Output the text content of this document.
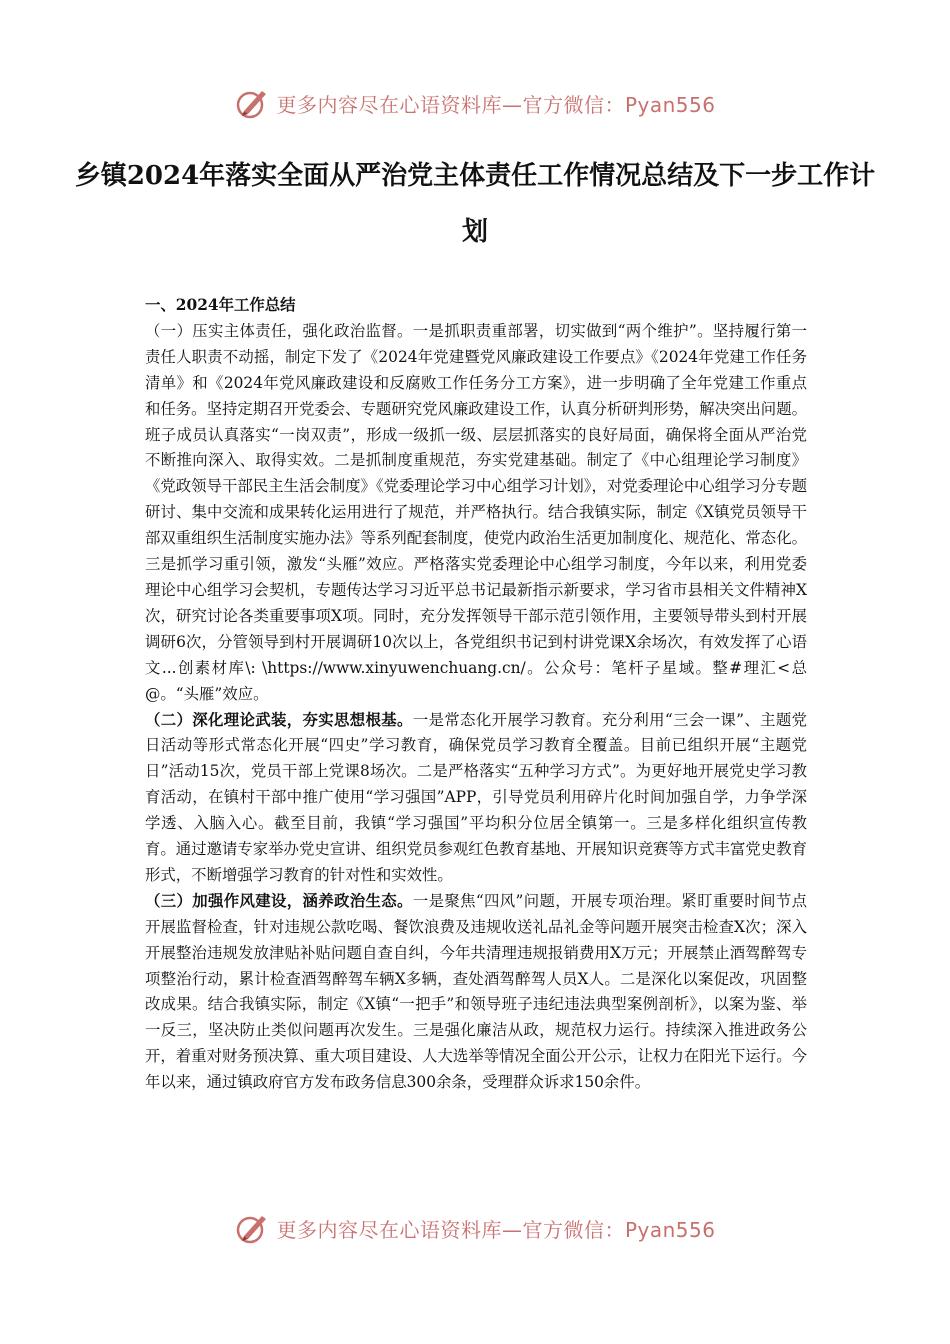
更多内容尽在心语资料库—官方微信：Pyan556
乡镇2024年落实全面从严治党主体责任工作情况总结及下一步工作计划

一、2024年工作总结

（一）压实主体责任，强化政治监督。一是抓职责重部署，切实做到“两个维护”。坚持履行第一责任人职责不动摇，制定下发了《2024年党建暨党风廉政建设工作要点》《2024年党建工作任务清单》和《2024年党风廉政建设和反腐败工作任务分工方案》，进一步明确了全年党建工作重点和任务。坚持定期召开党委会、专题研究党风廉政建设工作，认真分析研判形势，解决突出问题。班子成员认真落实“一岗双责”，形成一级抓一级、层层抓落实的良好局面，确保将全面从严治党不断推向深入、取得实效。二是抓制度重规范，夯实党建基础。制定了《中心组理论学习制度》《党政领导干部民主生活会制度》《党委理论学习中心组学习计划》，对党委理论中心组学习分专题研讨、集中交流和成果转化运用进行了规范，并严格执行。结合我镇实际，制定《X镇党员领导干部双重组织生活制度实施办法》等系列配套制度，使党内政治生活更加制度化、规范化、常态化。三是抓学习重引领，激发“头雁”效应。严格落实党委理论中心组学习制度，今年以来，利用党委理论中心组学习会契机，专题传达学习习近平总书记最新指示新要求，学习省市县相关文件精神X次，研究讨论各类重要事项X项。同时，充分发挥领导干部示范引领作用，主要领导带头到村开展调研6次，分管领导到村开展调研10次以上，各党组织书记到村讲党课X余场次，有效发挥了心语文...创素材库\: \https://www.xinyuwenchuang.cn/。公众号：笔杆子星域。整#理汇<总@。“头雁”效应。

（二）深化理论武装，夯实思想根基。一是常态化开展学习教育。充分利用“三会一课”、主题党日活动等形式常态化开展“四史”学习教育，确保党员学习教育全覆盖。目前已组织开展“主题党日”活动15次，党员干部上党课8场次。二是严格落实“五种学习方式”。为更好地开展党史学习教育活动，在镇村干部中推广使用“学习强国”APP，引导党员利用碎片化时间加强自学，力争学深学透、入脑入心。截至目前，我镇“学习强国”平均积分位居全镇第一。三是多样化组织宣传教育。通过邀请专家举办党史宣讲、组织党员参观红色教育基地、开展知识竞赛等方式丰富党史教育形式，不断增强学习教育的针对性和实效性。

（三）加强作风建设，涵养政治生态。一是聚焦“四风”问题，开展专项治理。紧盯重要时间节点开展监督检查，针对违规公款吃喝、餐饮浪费及违规收送礼品礼金等问题开展突击检查X次；深入开展整治违规发放津贴补贴问题自查自纠，今年共清理违规报销费用X万元；开展禁止酒驾醉驾专项整治行动，累计检查酒驾醉驾车辆X多辆，查处酒驾醉驾人员X人。二是深化以案促改，巩固整改成果。结合我镇实际，制定《X镇“一把手”和领导班子违纪违法典型案例剖析》，以案为鉴、举一反三，坚决防止类似问题再次发生。三是强化廉洁从政，规范权力运行。持续深入推进政务公开，着重对财务预决算、重大项目建设、人大选举等情况全面公开公示，让权力在阳光下运行。今年以来，通过镇政府官方发布政务信息300余条，受理群众诉求150余件。

更多内容尽在心语资料库—官方微信：Pyan556
